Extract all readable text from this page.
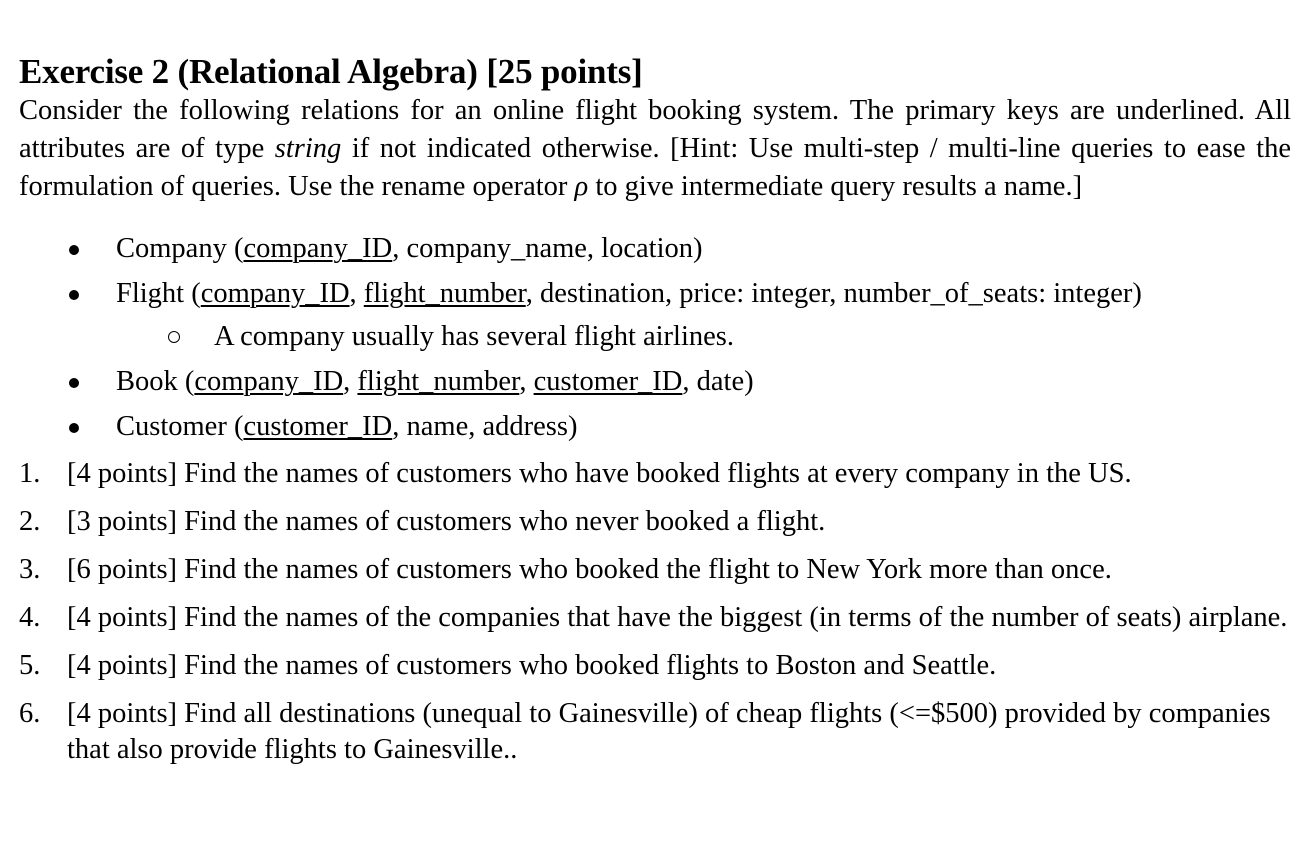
Exercise 2 (Relational Algebra) [25 points]

Consider the following relations for an online flight booking system. The primary keys are underlined. All attributes are of type string if not indicated otherwise. [Hint: Use multi-step / multi-line queries to ease the formulation of queries. Use the rename operator ρ to give intermediate query results a name.]

Company (company_ID, company_name, location)
Flight (company_ID, flight_number, destination, price: integer, number_of_seats: integer)
A company usually has several flight airlines.
Book (company_ID, flight_number, customer_ID, date)
Customer (customer_ID, name, address)
1. [4 points] Find the names of customers who have booked flights at every company in the US.
2. [3 points] Find the names of customers who never booked a flight.
3. [6 points] Find the names of customers who booked the flight to New York more than once.
4. [4 points] Find the names of the companies that have the biggest (in terms of the number of seats) airplane.
5. [4 points] Find the names of customers who booked flights to Boston and Seattle.
6. [4 points] Find all destinations (unequal to Gainesville) of cheap flights (<=$500) provided by companies that also provide flights to Gainesville..
